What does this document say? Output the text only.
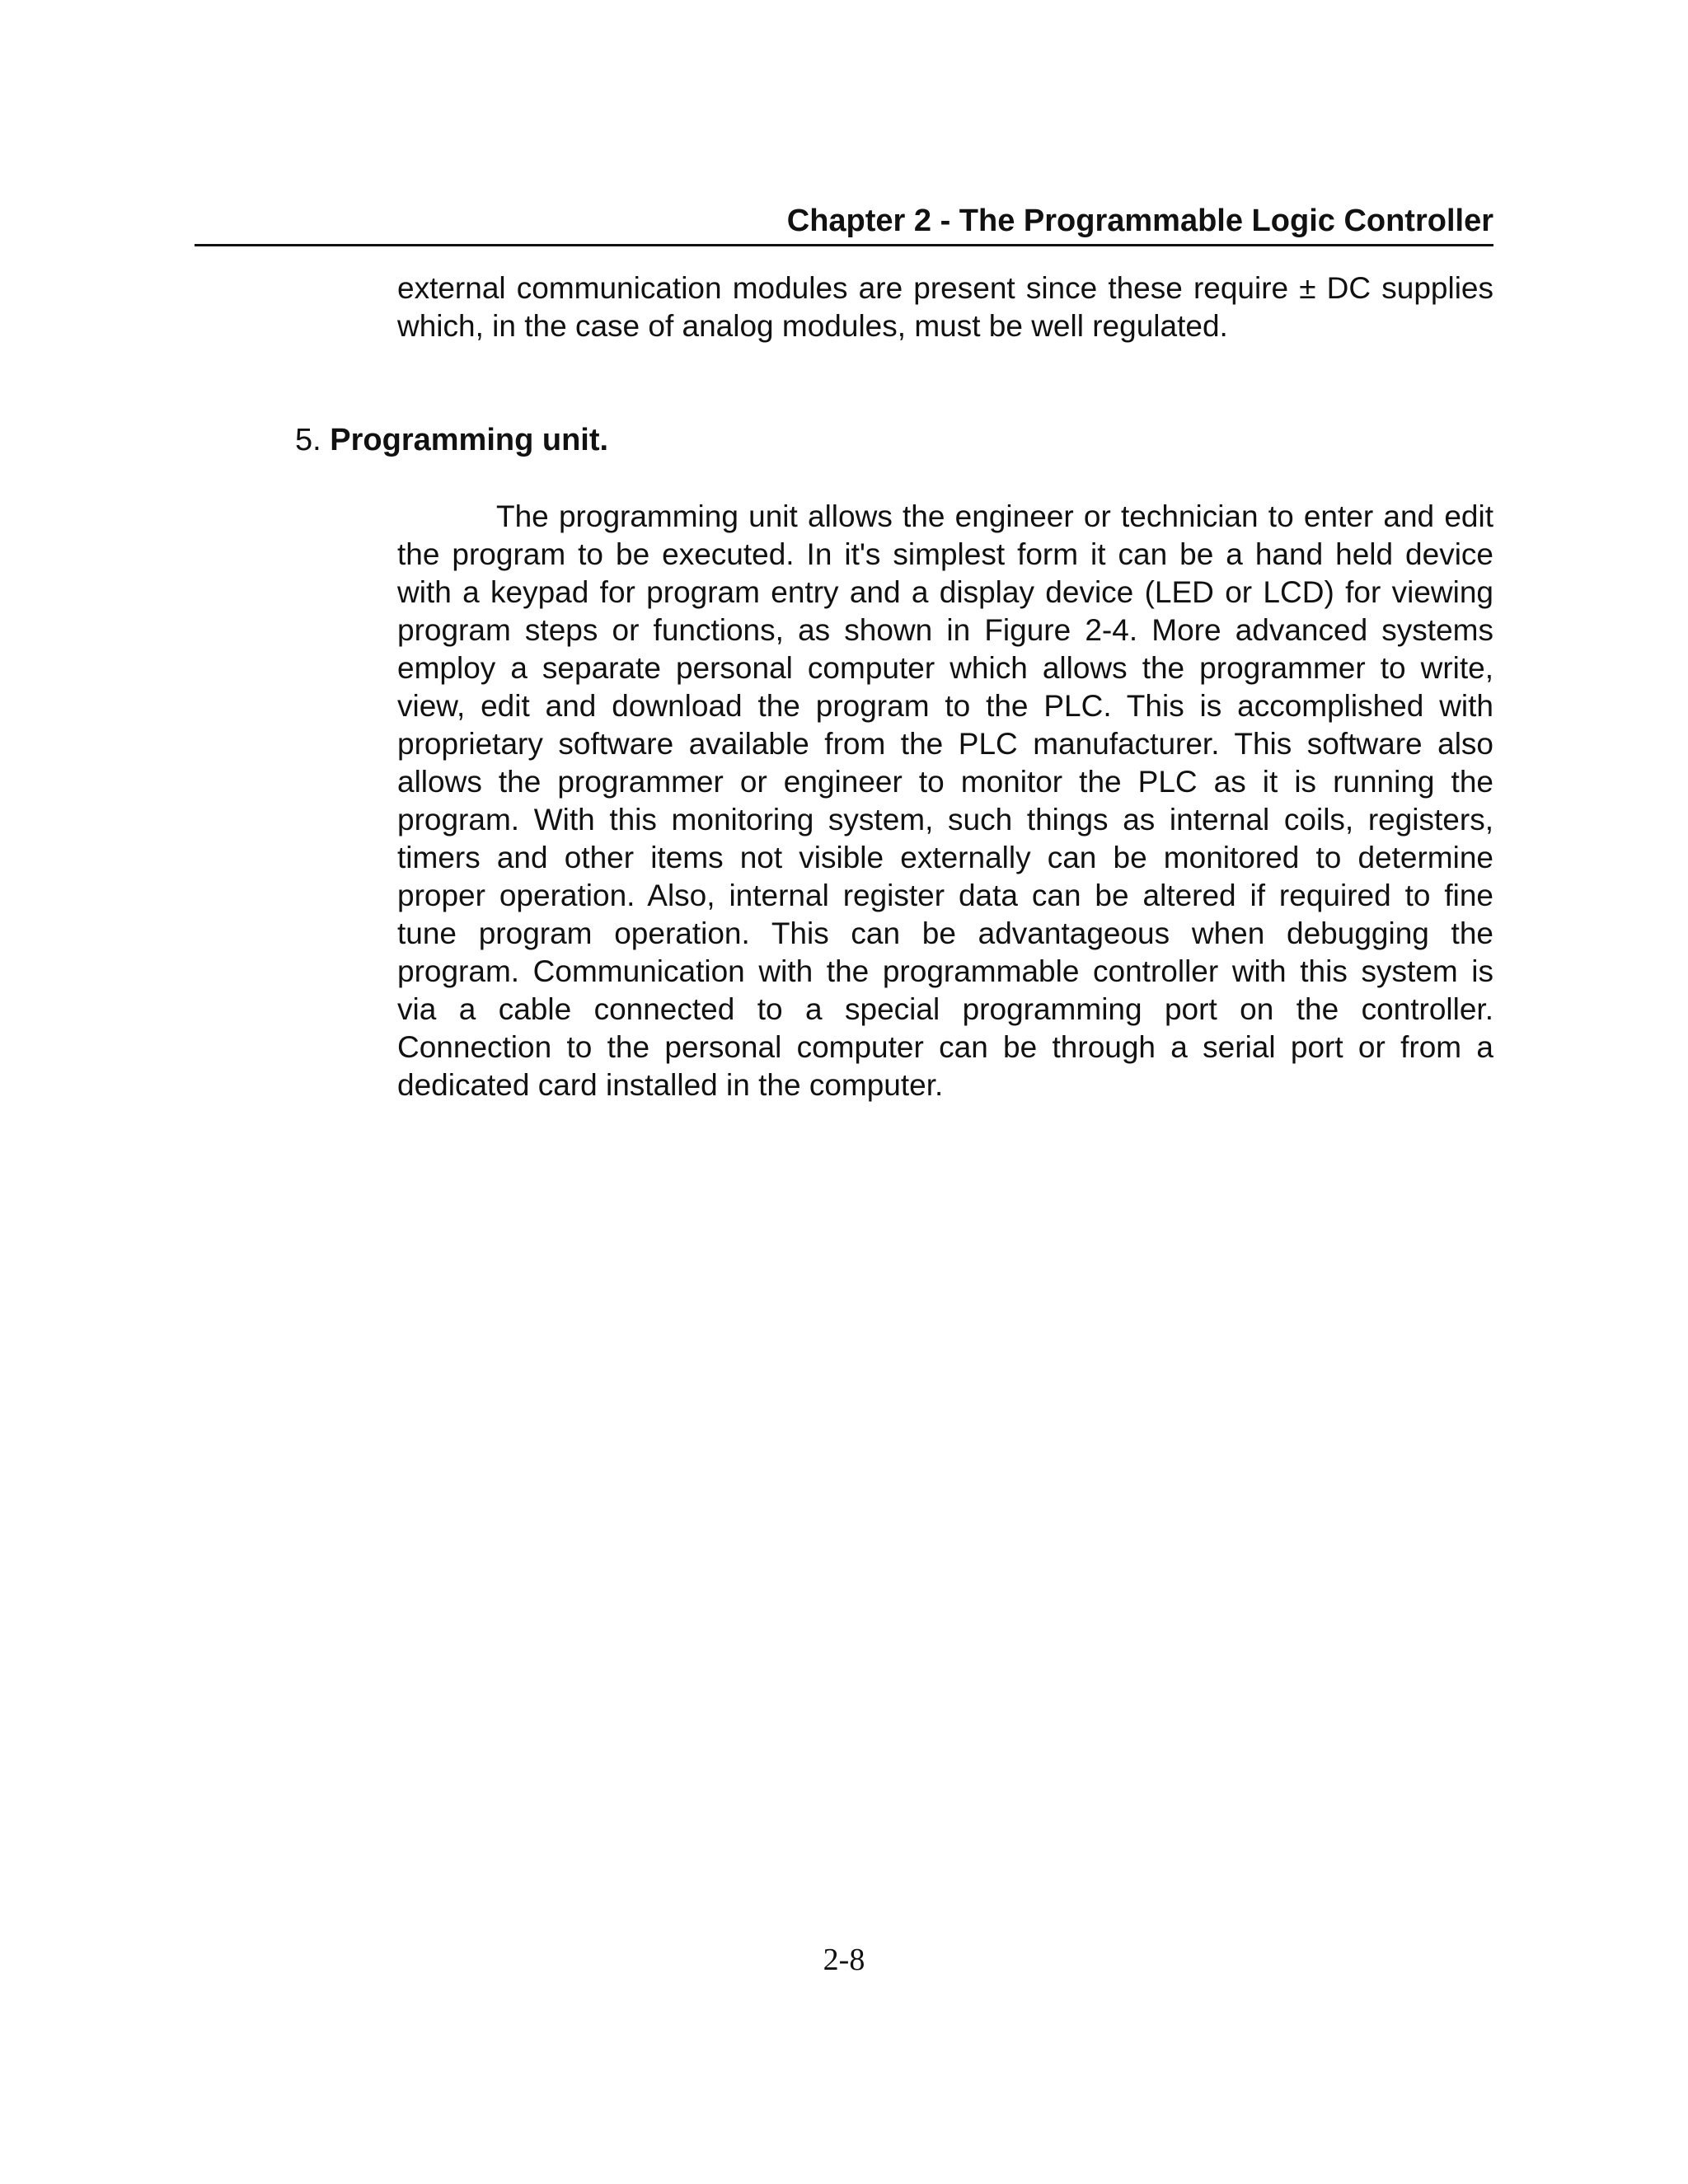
Chapter 2 - The Programmable Logic Controller
external communication modules are present since these require ± DC supplies which, in the case of analog modules, must be well regulated.
5. Programming unit.
The programming unit allows the engineer or technician to enter and edit the program to be executed. In it's simplest form it can be a hand held device with a keypad for program entry and a display device (LED or LCD) for viewing program steps or functions, as shown in Figure 2-4. More advanced systems employ a separate personal computer which allows the programmer to write, view, edit and download the program to the PLC. This is accomplished with proprietary software available from the PLC manufacturer. This software also allows the programmer or engineer to monitor the PLC as it is running the program. With this monitoring system, such things as internal coils, registers, timers and other items not visible externally can be monitored to determine proper operation. Also, internal register data can be altered if required to fine tune program operation. This can be advantageous when debugging the program. Communication with the programmable controller with this system is via a cable connected to a special programming port on the controller. Connection to the personal computer can be through a serial port or from a dedicated card installed in the computer.
2-8
